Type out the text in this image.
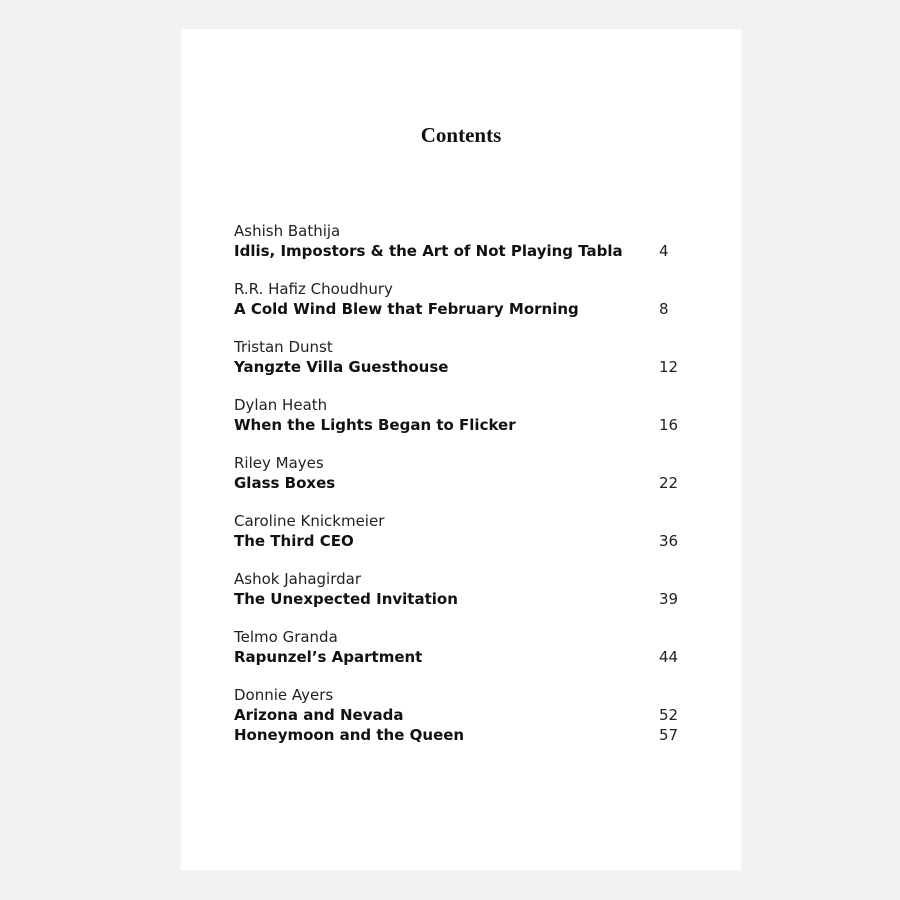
Contents
Ashish Bathija
Idlis, Impostors & the Art of Not Playing Tabla 4
R.R. Hafiz Choudhury
A Cold Wind Blew that February Morning	8
Tristan Dunst
Yangzte Villa Guesthouse	12
Dylan Heath
When the Lights Began to Flicker	16
Riley Mayes
Glass Boxes	22
Caroline Knickmeier
The Third CEO	36
Ashok Jahagirdar
The Unexpected Invitation	39
Telmo Granda
Rapunzel’s Apartment	44
Donnie Ayers
Arizona and Nevada	52
Honeymoon and the Queen	57
